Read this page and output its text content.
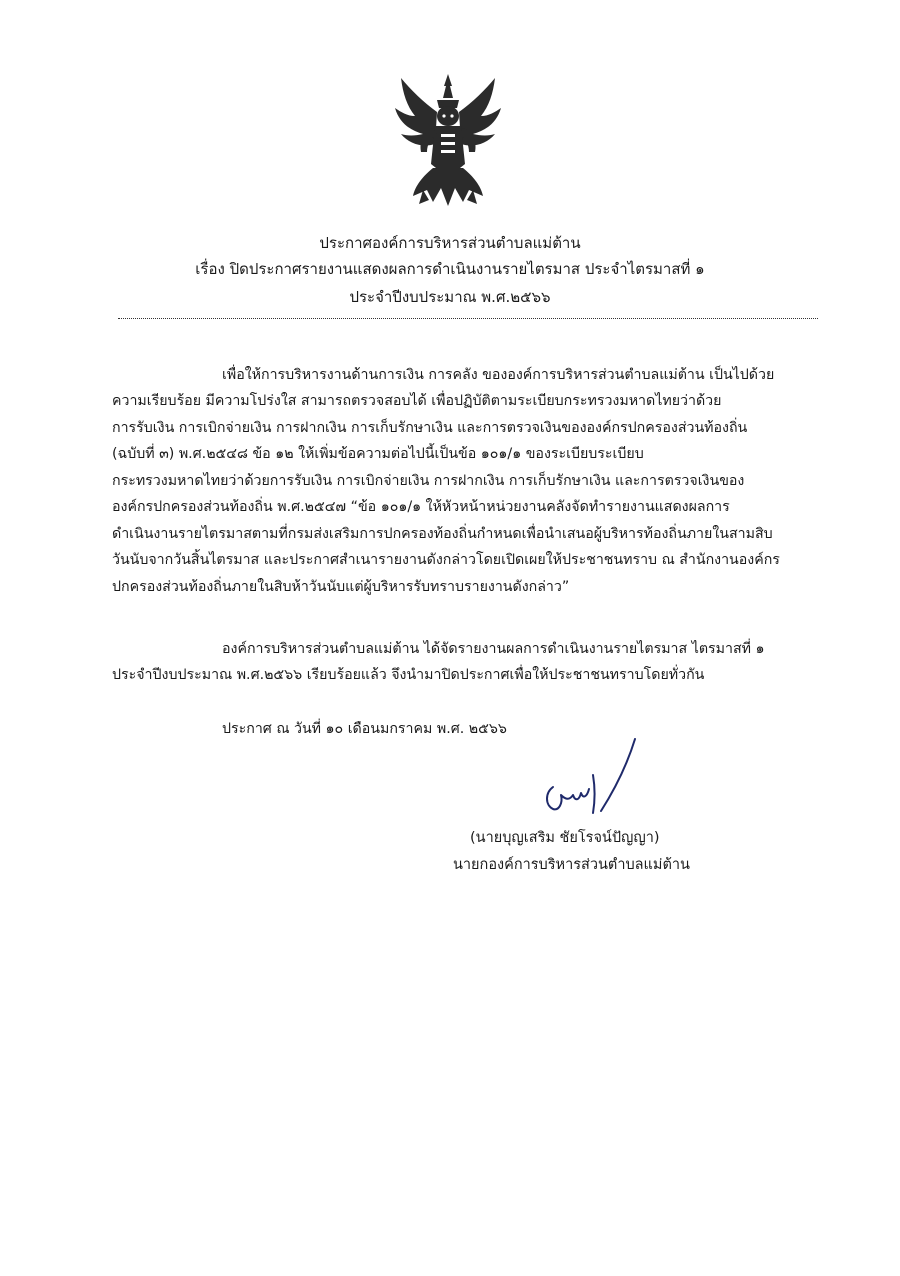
ประกาศองค์การบริหารส่วนตำบลแม่ต้าน
เรื่อง ปิดประกาศรายงานแสดงผลการดำเนินงานรายไตรมาส ประจำไตรมาสที่ ๑
ประจำปีงบประมาณ พ.ศ.๒๕๖๖
เพื่อให้การบริหารงานด้านการเงิน การคลัง ขององค์การบริหารส่วนตำบลแม่ต้าน เป็นไปด้วย
ความเรียบร้อย มีความโปร่งใส สามารถตรวจสอบได้ เพื่อปฏิบัติตามระเบียบกระทรวงมหาดไทยว่าด้วย
การรับเงิน การเบิกจ่ายเงิน การฝากเงิน การเก็บรักษาเงิน และการตรวจเงินขององค์กรปกครองส่วนท้องถิ่น
(ฉบับที่ ๓) พ.ศ.๒๕๔๘ ข้อ ๑๒ ให้เพิ่มข้อความต่อไปนี้เป็นข้อ ๑๐๑/๑ ของระเบียบระเบียบ
กระทรวงมหาดไทยว่าด้วยการรับเงิน การเบิกจ่ายเงิน การฝากเงิน การเก็บรักษาเงิน และการตรวจเงินของ
องค์กรปกครองส่วนท้องถิ่น พ.ศ.๒๕๔๗ “ข้อ ๑๐๑/๑ ให้หัวหน้าหน่วยงานคลังจัดทำรายงานแสดงผลการ
ดำเนินงานรายไตรมาสตามที่กรมส่งเสริมการปกครองท้องถิ่นกำหนดเพื่อนำเสนอผู้บริหารท้องถิ่นภายในสามสิบ
วันนับจากวันสิ้นไตรมาส และประกาศสำเนารายงานดังกล่าวโดยเปิดเผยให้ประชาชนทราบ ณ สำนักงานองค์กร
ปกครองส่วนท้องถิ่นภายในสิบห้าวันนับแต่ผู้บริหารรับทราบรายงานดังกล่าว”
องค์การบริหารส่วนตำบลแม่ต้าน ได้จัดรายงานผลการดำเนินงานรายไตรมาส ไตรมาสที่ ๑
ประจำปีงบประมาณ พ.ศ.๒๕๖๖ เรียบร้อยแล้ว จึงนำมาปิดประกาศเพื่อให้ประชาชนทราบโดยทั่วกัน
ประกาศ ณ วันที่ ๑๐ เดือนมกราคม พ.ศ. ๒๕๖๖
(นายบุญเสริม ชัยโรจน์ปัญญา)
นายกองค์การบริหารส่วนตำบลแม่ต้าน
